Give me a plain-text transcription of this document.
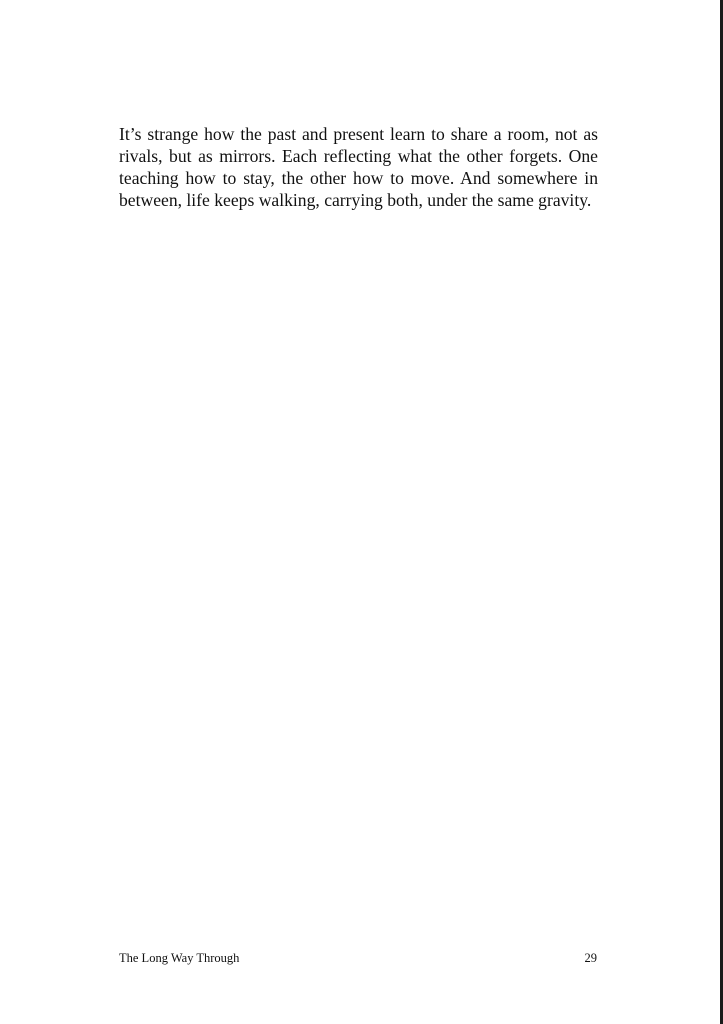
It’s strange how the past and present learn to share a room, not as rivals, but as mirrors. Each reflecting what the other forgets. One teaching how to stay, the other how to move. And somewhere in between, life keeps walking, carrying both, under the same gravity.

The Long Way Through	29
